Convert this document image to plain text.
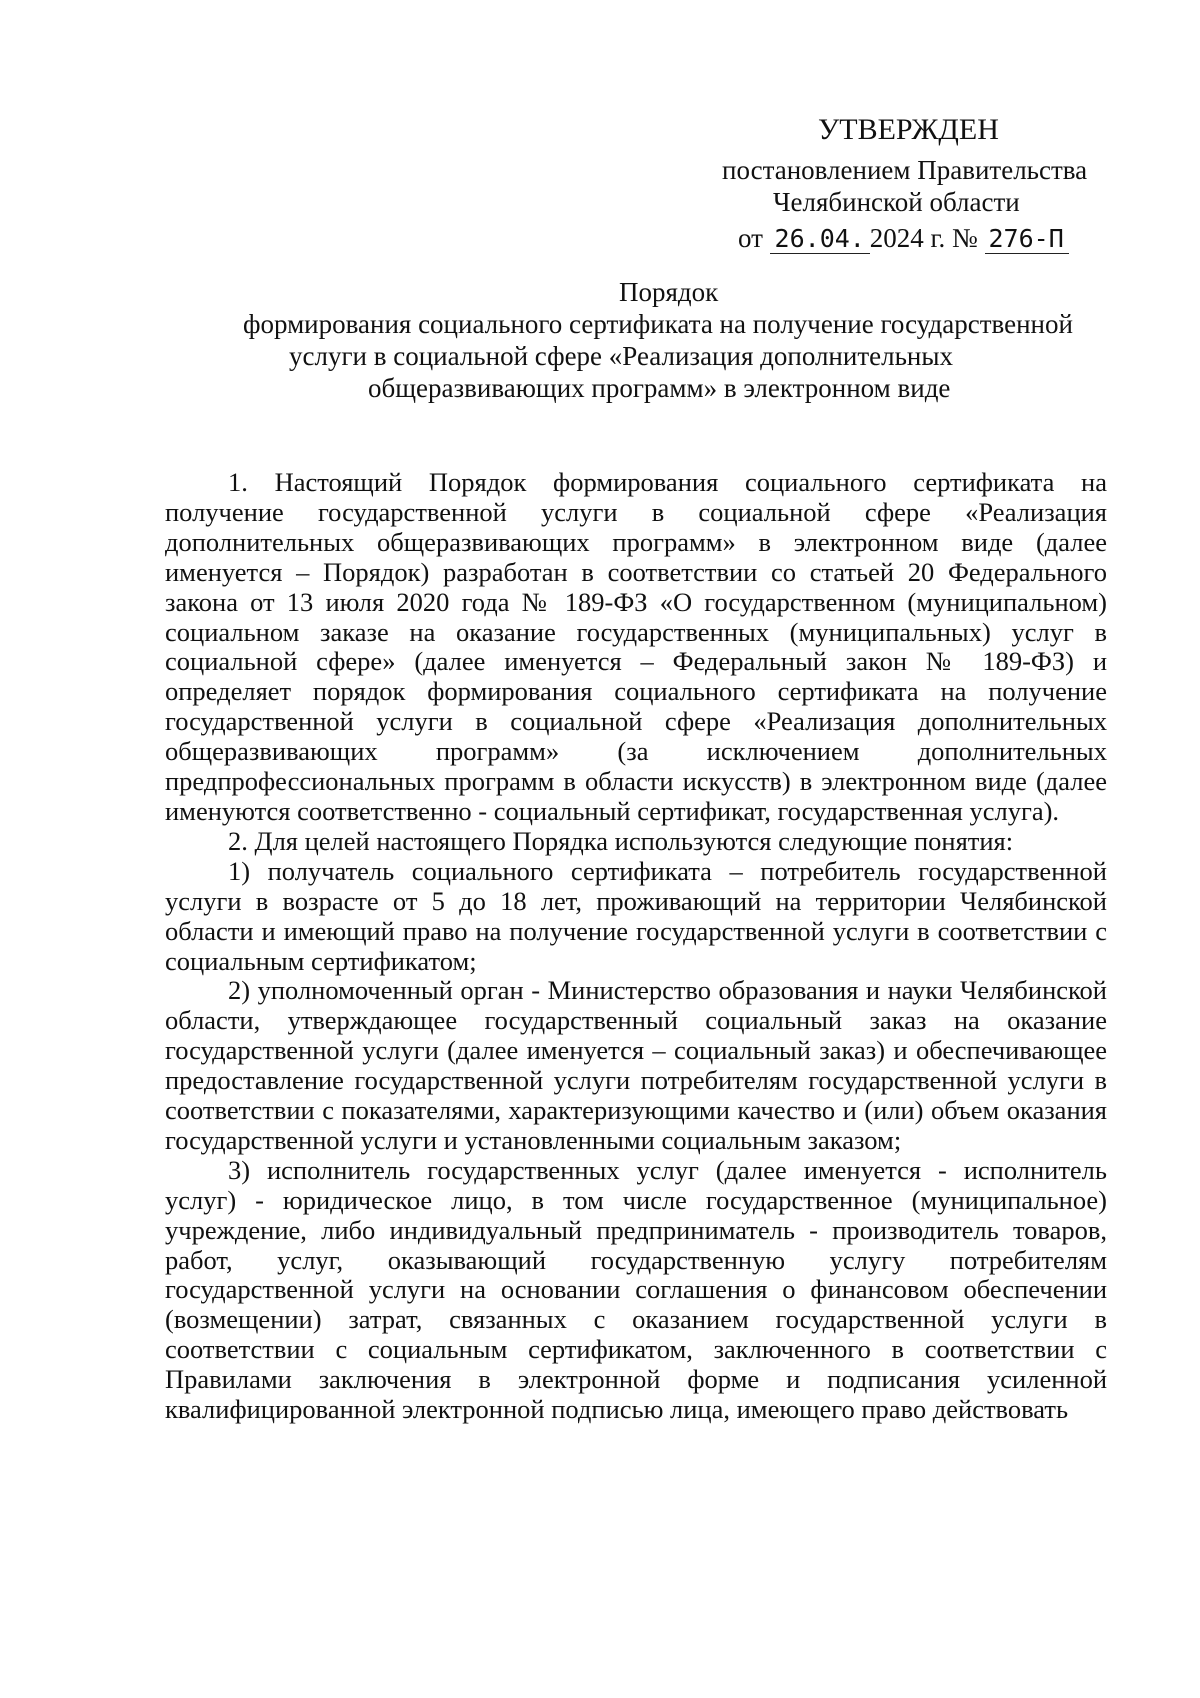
УТВЕРЖДЕН
постановлением Правительства
Челябинской области
от 26.04. 2024 г. № 276-П
Порядок
формирования социального сертификата на получение государственной
услуги в социальной сфере «Реализация дополнительных
общеразвивающих программ» в электронном виде

1. Настоящий Порядок формирования социального сертификата на получение государственной услуги в социальной сфере «Реализация дополнительных общеразвивающих программ» в электронном виде (далее именуется – Порядок) разработан в соответствии со статьей 20 Федерального закона от 13 июля 2020 года № 189-ФЗ «О государственном (муниципальном) социальном заказе на оказание государственных (муниципальных) услуг в социальной сфере» (далее именуется – Федеральный закон № 189-ФЗ) и определяет порядок формирования социального сертификата на получение государственной услуги в социальной сфере «Реализация дополнительных общеразвивающих программ» (за исключением дополнительных предпрофессиональных программ в области искусств) в электронном виде (далее именуются соответственно - социальный сертификат, государственная услуга).

2. Для целей настоящего Порядка используются следующие понятия:

1) получатель социального сертификата – потребитель государственной услуги в возрасте от 5 до 18 лет, проживающий на территории Челябинской области и имеющий право на получение государственной услуги в соответствии с социальным сертификатом;

2) уполномоченный орган - Министерство образования и науки Челябинской области, утверждающее государственный социальный заказ на оказание государственной услуги (далее именуется – социальный заказ) и обеспечивающее предоставление государственной услуги потребителям государственной услуги в соответствии с показателями, характеризующими качество и (или) объем оказания государственной услуги и установленными социальным заказом;

3) исполнитель государственных услуг (далее именуется - исполнитель услуг) - юридическое лицо, в том числе государственное (муниципальное) учреждение, либо индивидуальный предприниматель - производитель товаров, работ, услуг, оказывающий государственную услугу потребителям государственной услуги на основании соглашения о финансовом обеспечении (возмещении) затрат, связанных с оказанием государственной услуги в соответствии с социальным сертификатом, заключенного в соответствии с Правилами заключения в электронной форме и подписания усиленной квалифицированной электронной подписью лица, имеющего право действовать
